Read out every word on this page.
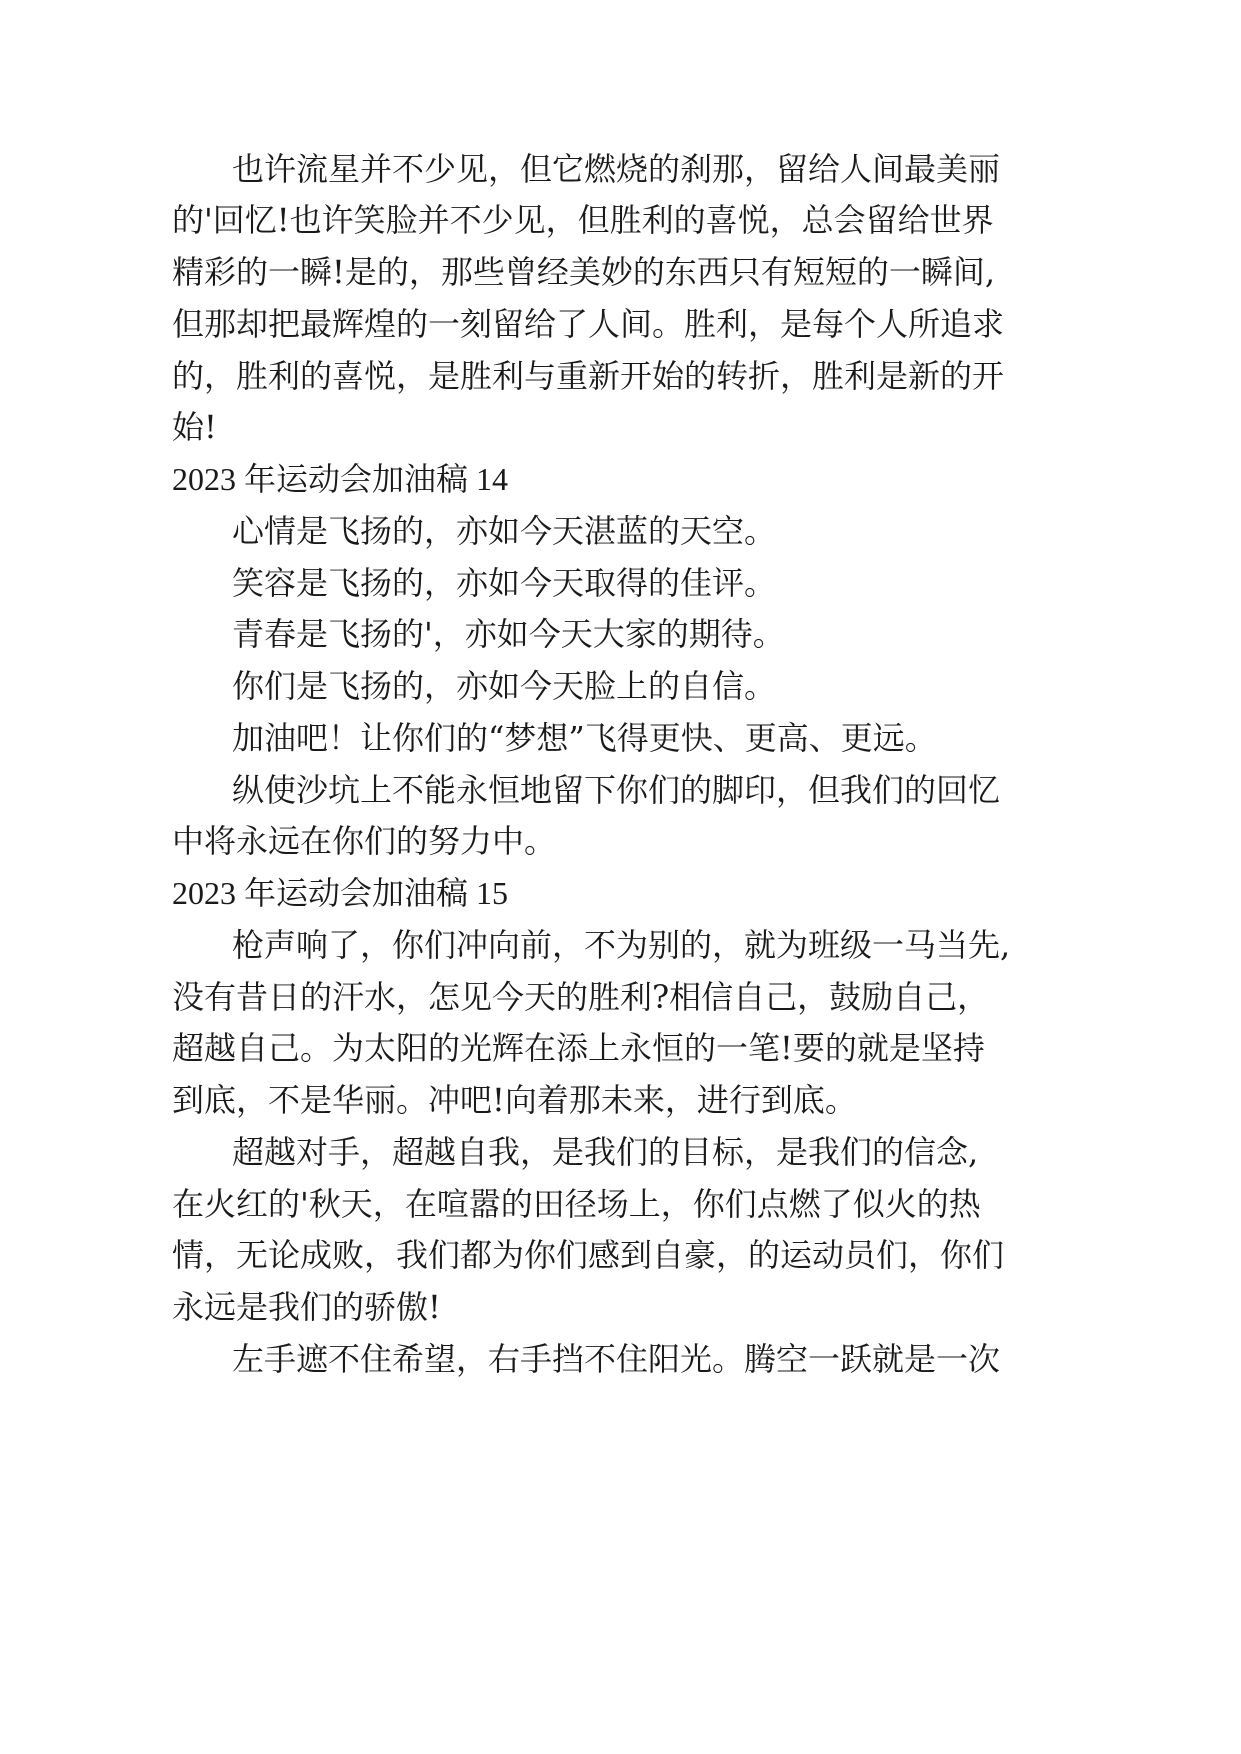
也许流星并不少见，但它燃烧的刹那，留给人间最美丽

的'回忆!也许笑脸并不少见，但胜利的喜悦，总会留给世界

精彩的一瞬!是的，那些曾经美妙的东西只有短短的一瞬间,

但那却把最辉煌的一刻留给了人间。胜利，是每个人所追求

的，胜利的喜悦，是胜利与重新开始的转折，胜利是新的开

始!

2023 年运动会加油稿 14

心情是飞扬的，亦如今天湛蓝的天空。

笑容是飞扬的，亦如今天取得的佳评。

青春是飞扬的'，亦如今天大家的期待。

你们是飞扬的，亦如今天脸上的自信。

加油吧！让你们的“梦想”飞得更快、更高、更远。

纵使沙坑上不能永恒地留下你们的脚印，但我们的回忆

中将永远在你们的努力中。

2023 年运动会加油稿 15

枪声响了，你们冲向前，不为别的，就为班级一马当先,

没有昔日的汗水，怎见今天的胜利?相信自己，鼓励自己，

超越自己。为太阳的光辉在添上永恒的一笔!要的就是坚持

到底，不是华丽。冲吧!向着那未来，进行到底。

超越对手，超越自我，是我们的目标，是我们的信念,

在火红的'秋天，在喧嚣的田径场上，你们点燃了似火的热

情，无论成败，我们都为你们感到自豪，的运动员们，你们

永远是我们的骄傲!

左手遮不住希望，右手挡不住阳光。腾空一跃就是一次
